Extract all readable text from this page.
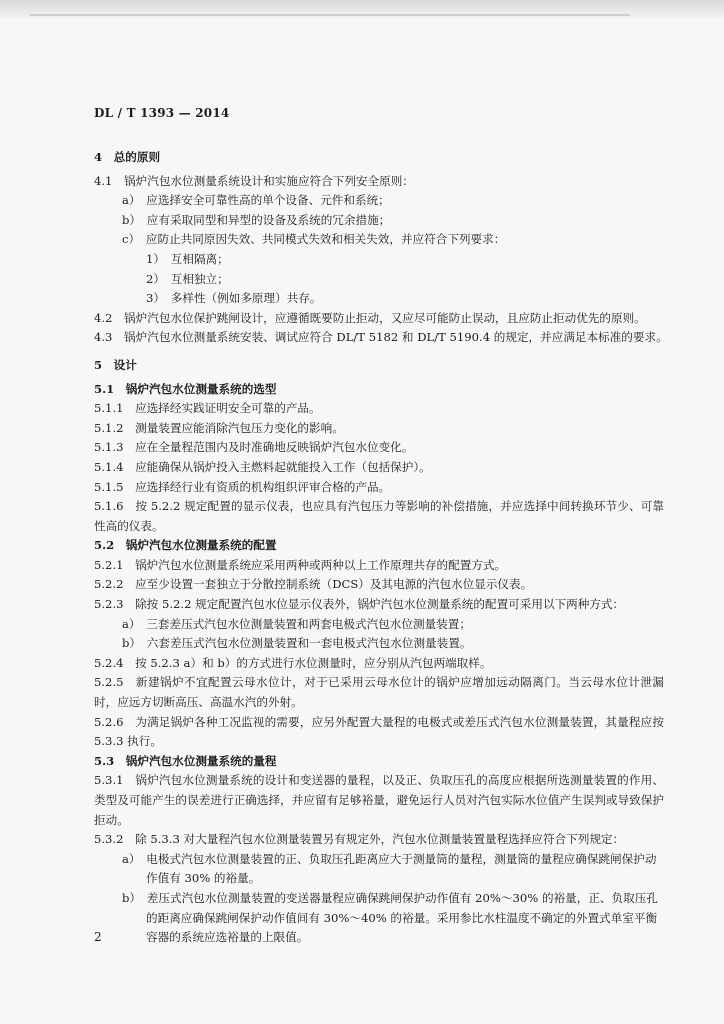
DL / T 1393 — 2014

4　总的原则

4.1　锅炉汽包水位测量系统设计和实施应符合下列安全原则：

a）　应选择安全可靠性高的单个设备、元件和系统；

b）　应有采取同型和异型的设备及系统的冗余措施；

c）　应防止共同原因失效、共同模式失效和相关失效，并应符合下列要求：

1）　互相隔离；

2）　互相独立；

3）　多样性（例如多原理）共存。

4.2　锅炉汽包水位保护跳闸设计，应遵循既要防止拒动，又应尽可能防止误动，且应防止拒动优先的原则。

4.3　锅炉汽包水位测量系统安装、调试应符合 DL/T 5182 和 DL/T 5190.4 的规定，并应满足本标准的要求。

5　设计

5.1　锅炉汽包水位测量系统的选型

5.1.1　应选择经实践证明安全可靠的产品。

5.1.2　测量装置应能消除汽包压力变化的影响。

5.1.3　应在全量程范围内及时准确地反映锅炉汽包水位变化。

5.1.4　应能确保从锅炉投入主燃料起就能投入工作（包括保护）。

5.1.5　应选择经行业有资质的机构组织评审合格的产品。

5.1.6　按 5.2.2 规定配置的显示仪表，也应具有汽包压力等影响的补偿措施，并应选择中间转换环节少、可靠性高的仪表。

5.2　锅炉汽包水位测量系统的配置

5.2.1　锅炉汽包水位测量系统应采用两种或两种以上工作原理共存的配置方式。

5.2.2　应至少设置一套独立于分散控制系统（DCS）及其电源的汽包水位显示仪表。

5.2.3　除按 5.2.2 规定配置汽包水位显示仪表外，锅炉汽包水位测量系统的配置可采用以下两种方式：

a）　三套差压式汽包水位测量装置和两套电极式汽包水位测量装置；

b）　六套差压式汽包水位测量装置和一套电极式汽包水位测量装置。

5.2.4　按 5.2.3 a）和 b）的方式进行水位测量时，应分别从汽包两端取样。

5.2.5　新建锅炉不宜配置云母水位计，对于已采用云母水位计的锅炉应增加远动隔离门。当云母水位计泄漏时，应远方切断高压、高温水汽的外射。

5.2.6　为满足锅炉各种工况监视的需要，应另外配置大量程的电极式或差压式汽包水位测量装置，其量程应按 5.3.3 执行。

5.3　锅炉汽包水位测量系统的量程

5.3.1　锅炉汽包水位测量系统的设计和变送器的量程，以及正、负取压孔的高度应根据所选测量装置的作用、类型及可能产生的误差进行正确选择，并应留有足够裕量，避免运行人员对汽包实际水位值产生误判或导致保护拒动。

5.3.2　除 5.3.3 对大量程汽包水位测量装置另有规定外，汽包水位测量装置量程选择应符合下列规定：

a）　电极式汽包水位测量装置的正、负取压孔距离应大于测量筒的量程，测量筒的量程应确保跳闸保护动作值有 30% 的裕量。

b）　差压式汽包水位测量装置的变送器量程应确保跳闸保护动作值有 20%～30% 的裕量，正、负取压孔的距离应确保跳闸保护动作值间有 30%～40% 的裕量。采用参比水柱温度不确定的外置式单室平衡容器的系统应选裕量的上限值。

2
